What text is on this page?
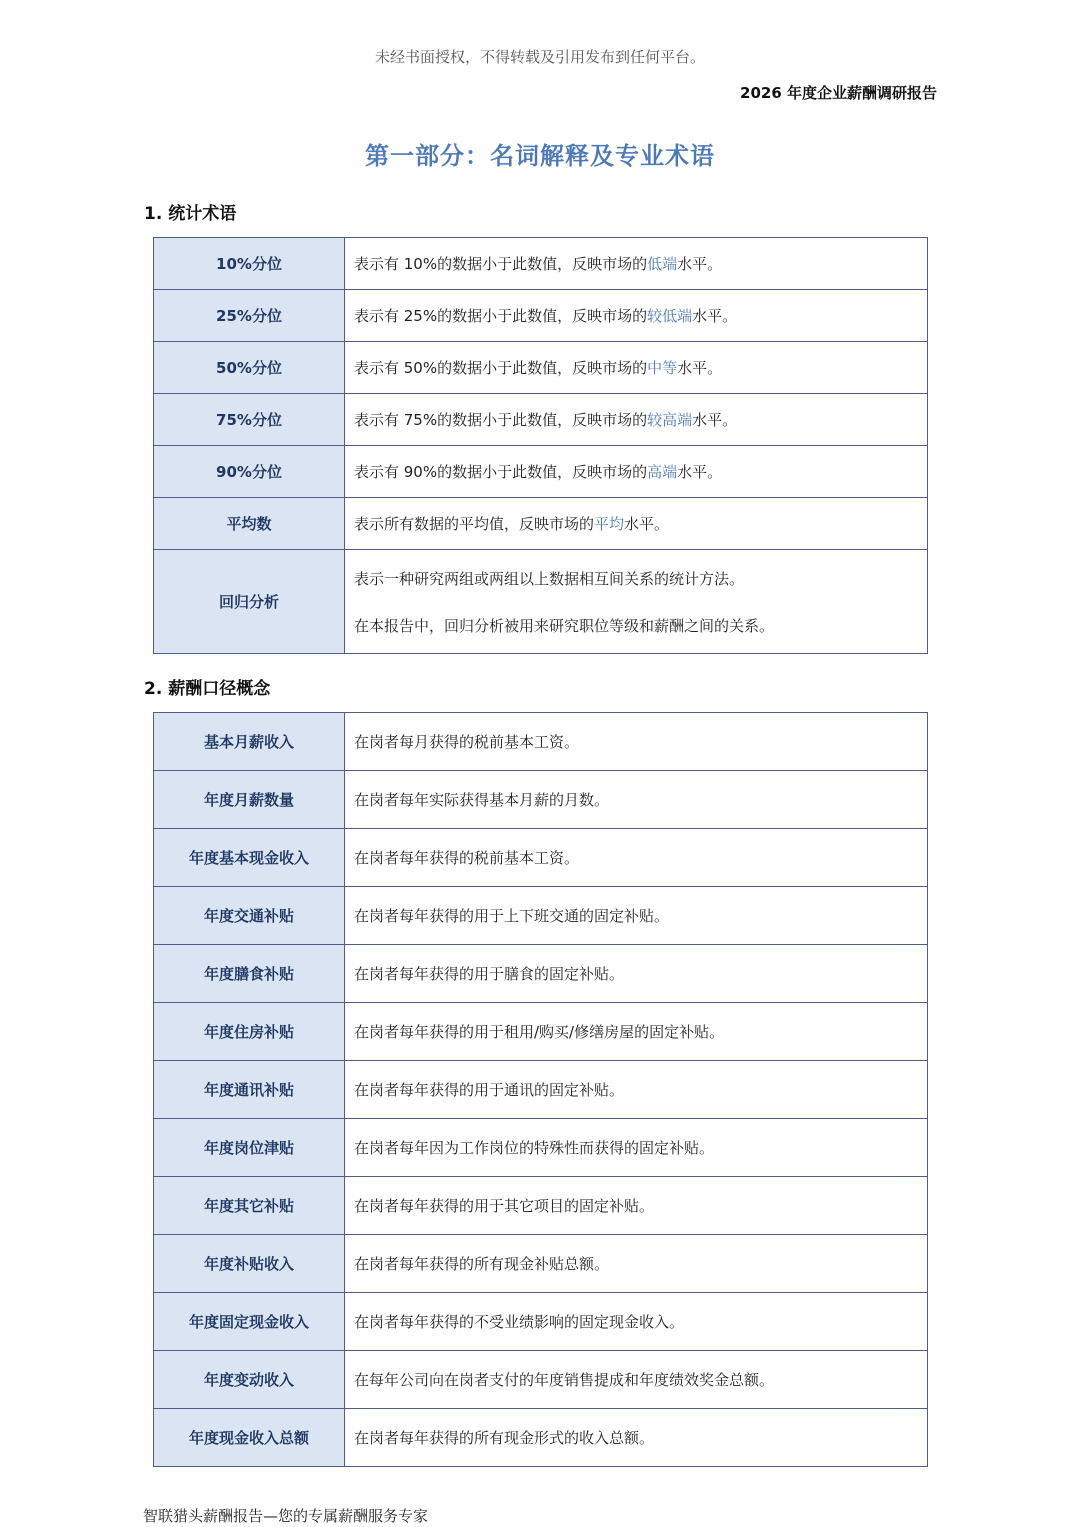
未经书面授权，不得转载及引用发布到任何平台。
2026 年度企业薪酬调研报告
第一部分：名词解释及专业术语
1. 统计术语
10%分位	表示有 10%的数据小于此数值，反映市场的低端水平。
25%分位	表示有 25%的数据小于此数值，反映市场的较低端水平。
50%分位	表示有 50%的数据小于此数值，反映市场的中等水平。
75%分位	表示有 75%的数据小于此数值，反映市场的较高端水平。
90%分位	表示有 90%的数据小于此数值，反映市场的高端水平。
平均数	表示所有数据的平均值，反映市场的平均水平。
回归分析	表示一种研究两组或两组以上数据相互间关系的统计方法。
在本报告中，回归分析被用来研究职位等级和薪酬之间的关系。
2. 薪酬口径概念
基本月薪收入	在岗者每月获得的税前基本工资。
年度月薪数量	在岗者每年实际获得基本月薪的月数。
年度基本现金收入	在岗者每年获得的税前基本工资。
年度交通补贴	在岗者每年获得的用于上下班交通的固定补贴。
年度膳食补贴	在岗者每年获得的用于膳食的固定补贴。
年度住房补贴	在岗者每年获得的用于租用/购买/修缮房屋的固定补贴。
年度通讯补贴	在岗者每年获得的用于通讯的固定补贴。
年度岗位津贴	在岗者每年因为工作岗位的特殊性而获得的固定补贴。
年度其它补贴	在岗者每年获得的用于其它项目的固定补贴。
年度补贴收入	在岗者每年获得的所有现金补贴总额。
年度固定现金收入	在岗者每年获得的不受业绩影响的固定现金收入。
年度变动收入	在每年公司向在岗者支付的年度销售提成和年度绩效奖金总额。
年度现金收入总额	在岗者每年获得的所有现金形式的收入总额。
智联猎头薪酬报告—您的专属薪酬服务专家
